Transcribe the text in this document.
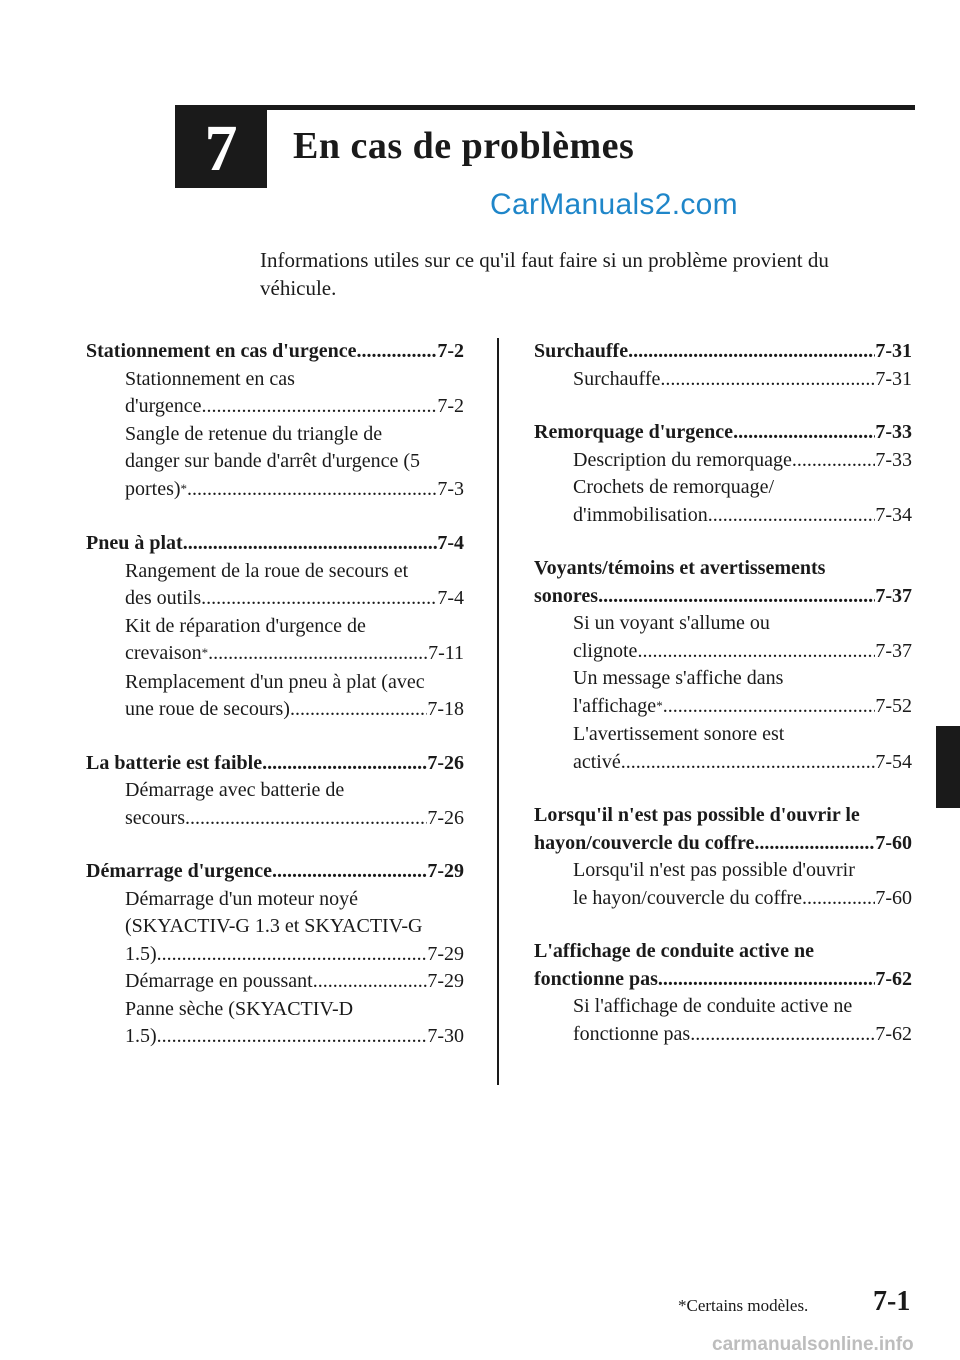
7 En cas de problèmes
CarManuals2.com
Informations utiles sur ce qu'il faut faire si un problème provient du véhicule.
Stationnement en cas d'urgence .....	7-2
Stationnement en cas
d'urgence .....	7-2
Sangle de retenue du triangle de
danger sur bande d'arrêt d'urgence (5
portes)* .....	7-3
Pneu à plat .....	7-4
Rangement de la roue de secours et
des outils .....	7-4
Kit de réparation d'urgence de
crevaison* .....	7-11
Remplacement d'un pneu à plat (avec
une roue de secours) .....	7-18
La batterie est faible .....	7-26
Démarrage avec batterie de
secours .....	7-26
Démarrage d'urgence .....	7-29
Démarrage d'un moteur noyé
(SKYACTIV-G 1.3 et SKYACTIV-G
1.5) .....	7-29
Démarrage en poussant .....	7-29
Panne sèche (SKYACTIV-D
1.5) .....	7-30
Surchauffe .....	7-31
Surchauffe .....	7-31
Remorquage d'urgence .....	7-33
Description du remorquage .....	7-33
Crochets de remorquage/
d'immobilisation .....	7-34
Voyants/témoins et avertissements
sonores .....	7-37
Si un voyant s'allume ou
clignote .....	7-37
Un message s'affiche dans
l'affichage* .....	7-52
L'avertissement sonore est
activé .....	7-54
Lorsqu'il n'est pas possible d'ouvrir le
hayon/couvercle du coffre .....	7-60
Lorsqu'il n'est pas possible d'ouvrir
le hayon/couvercle du coffre .....	7-60
L'affichage de conduite active ne
fonctionne pas .....	7-62
Si l'affichage de conduite active ne
fonctionne pas .....	7-62
*Certains modèles. 7-1
carmanualsonline.info
